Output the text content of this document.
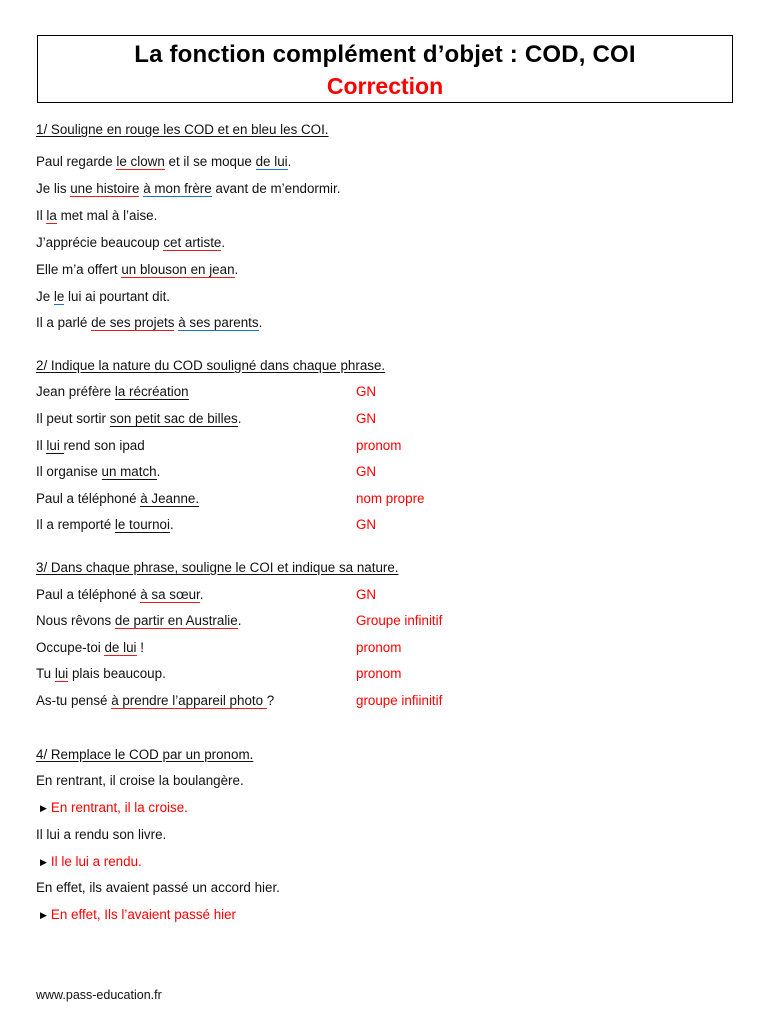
La fonction complément d’objet : COD, COI
Correction
1/ Souligne en rouge les COD et en bleu les COI.
Paul regarde le clown et il se moque de lui.
Je lis une histoire à mon frère avant de m’endormir.
Il la met mal à l’aise.
J’apprécie beaucoup cet artiste.
Elle m’a offert un blouson en jean.
Je le lui ai pourtant dit.
Il a parlé de ses projets à ses parents.
2/ Indique la nature du COD souligné dans chaque phrase.
Jean préfère la récréation	GN
Il peut sortir son petit sac de billes.	GN
Il lui rend son ipad	pronom
Il organise un match.	GN
Paul a téléphoné à Jeanne.	nom propre
Il a remporté le tournoi.	GN
3/ Dans chaque phrase, souligne le COI et indique sa nature.
Paul a téléphoné à sa sœur.	GN
Nous rêvons de partir en Australie.	Groupe infinitif
Occupe-toi de lui !	pronom
Tu lui plais beaucoup.	pronom
As-tu pensé à prendre l’appareil photo ?	groupe infiinitif
4/ Remplace le COD par un pronom.
En rentrant, il croise la boulangère.
▶ En rentrant, il la croise.
Il lui a rendu son livre.
▶ Il le lui a rendu.
En effet, ils avaient passé un accord hier.
▶ En effet, Ils l’avaient passé hier
www.pass-education.fr
